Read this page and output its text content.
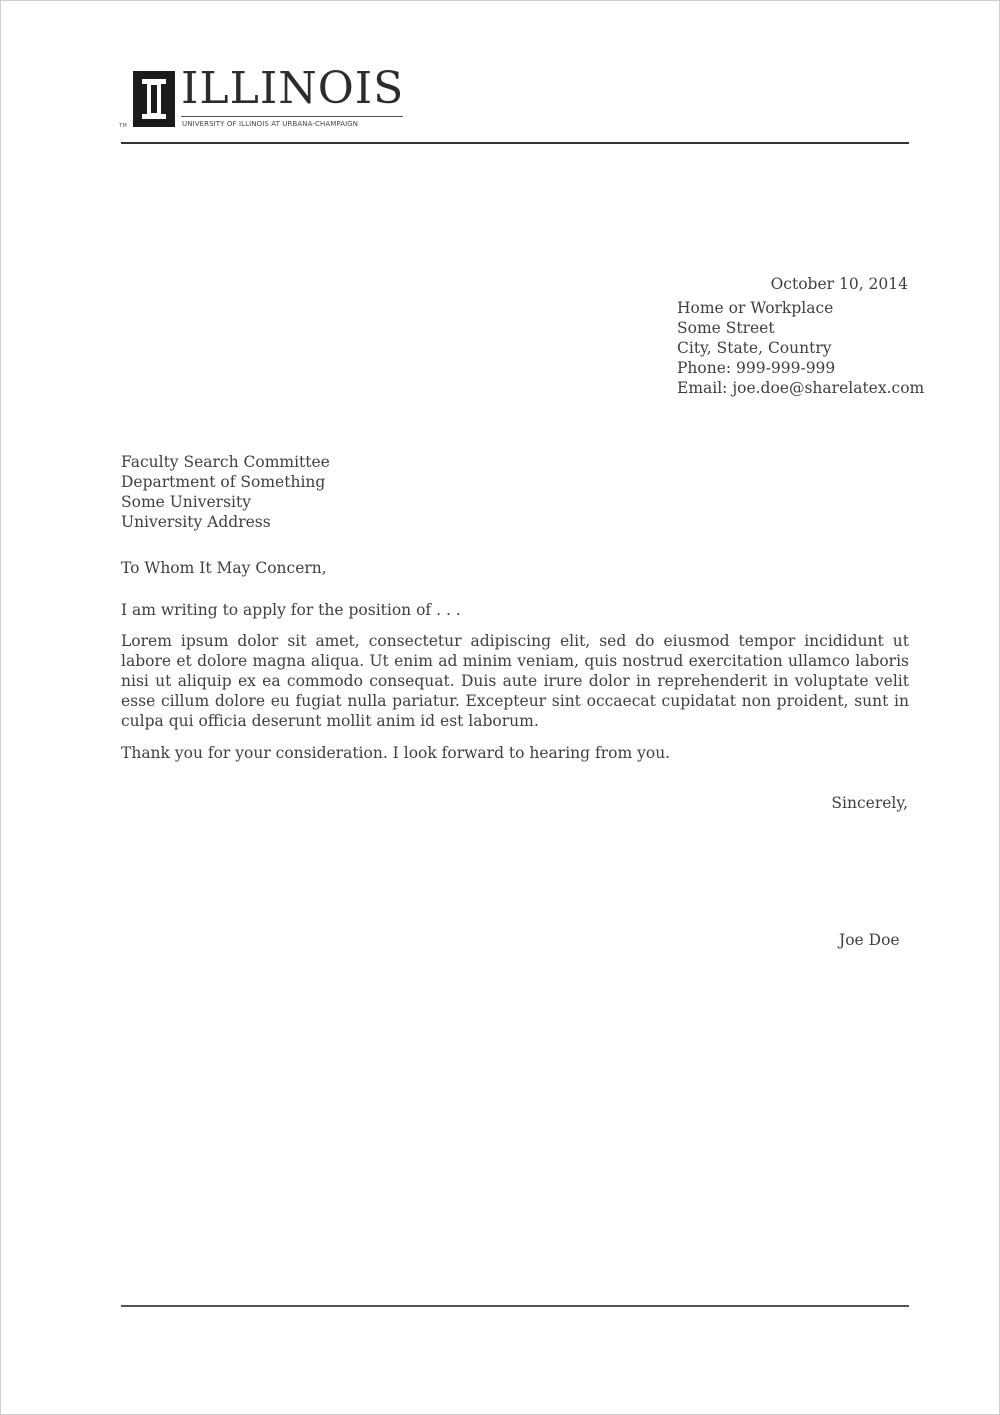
TM
ILLINOIS
UNIVERSITY OF ILLINOIS AT URBANA-CHAMPAIGN
October 10, 2014
Home or Workplace
Some Street
City, State, Country
Phone: 999-999-999
Email: joe.doe@sharelatex.com
Faculty Search Committee
Department of Something
Some University
University Address
To Whom It May Concern,
I am writing to apply for the position of . . .
Lorem ipsum dolor sit amet, consectetur adipiscing elit, sed do eiusmod tempor incididunt ut labore et dolore magna aliqua. Ut enim ad minim veniam, quis nostrud exercitation ullamco laboris nisi ut aliquip ex ea commodo consequat. Duis aute irure dolor in reprehenderit in voluptate velit esse cillum dolore eu fugiat nulla pariatur. Excepteur sint occaecat cupidatat non proident, sunt in culpa qui officia deserunt mollit anim id est laborum.
Thank you for your consideration. I look forward to hearing from you.
Sincerely,
Joe Doe
